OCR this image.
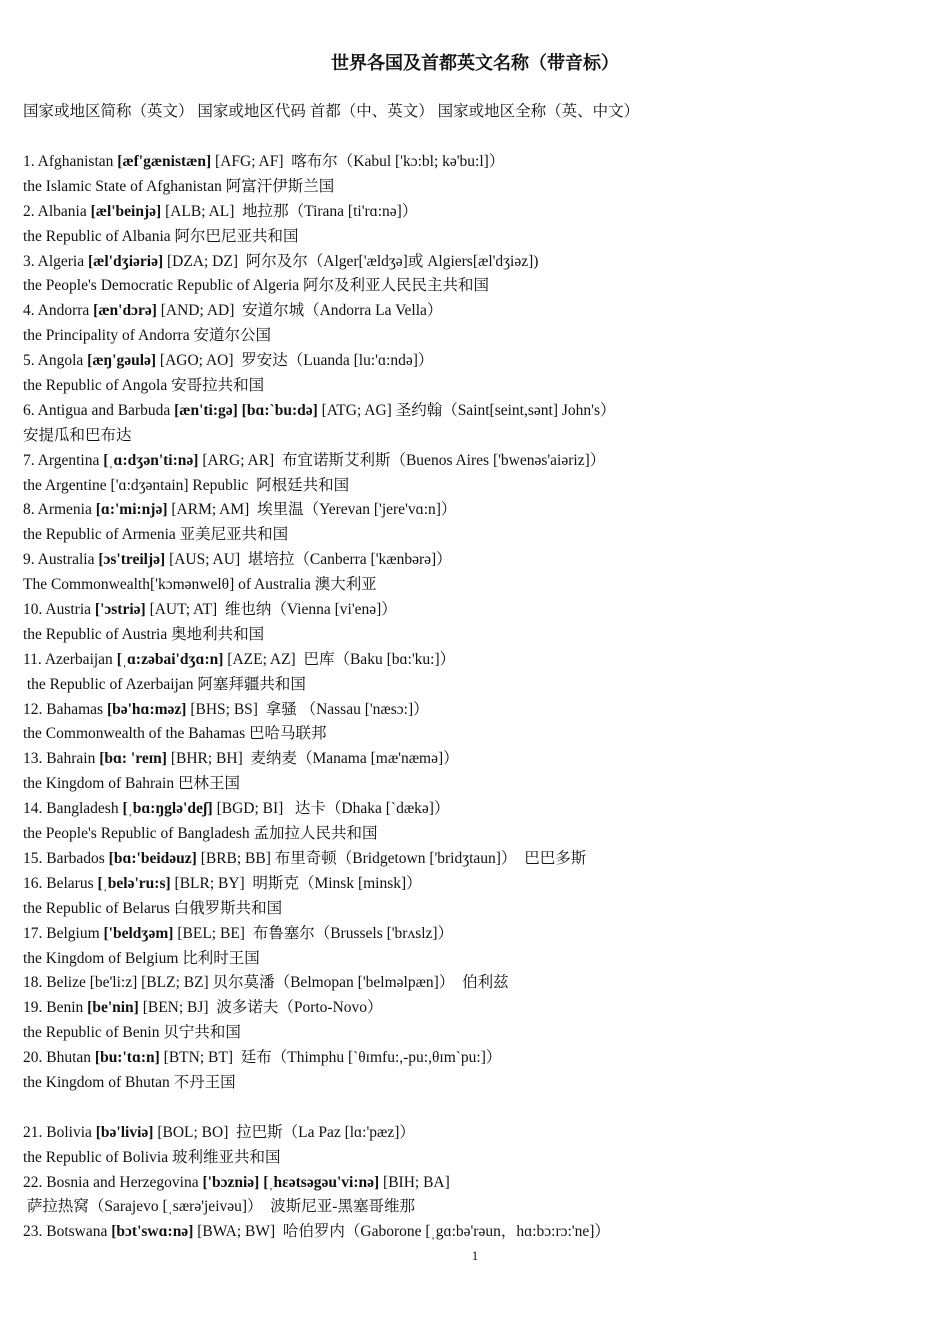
世界各国及首都英文名称（带音标）
国家或地区简称（英文） 国家或地区代码 首都（中、英文） 国家或地区全称（英、中文）
1. Afghanistan [æf'gænistæn] [AFG; AF]  喀布尔（Kabul ['kɔ:bl; kə'bu:l]）
the Islamic State of Afghanistan 阿富汗伊斯兰国
2. Albania [æl'beinjə] [ALB; AL]  地拉那（Tirana [ti'rɑ:nə]）
the Republic of Albania 阿尔巴尼亚共和国
3. Algeria [æl'dʒiəriə] [DZA; DZ]  阿尔及尔（Alger['ældʒə]或 Algiers[æl'dʒiəz])
the People's Democratic Republic of Algeria 阿尔及利亚人民民主共和国
4. Andorra [æn'dɔrə] [AND; AD]  安道尔城（Andorra La Vella）
the Principality of Andorra 安道尔公国
5. Angola [æŋ'gəulə] [AGO; AO]  罗安达（Luanda [lu:'ɑ:ndə]）
the Republic of Angola 安哥拉共和国
6. Antigua and Barbuda [æn'ti:gə] [bɑ:`bu:də] [ATG; AG] 圣约翰（Saint[seint,sənt] John's）
安提瓜和巴布达
7. Argentina [ˌɑ:dʒən'ti:nə] [ARG; AR]  布宜诺斯艾利斯（Buenos Aires ['bwenəs'aiəriz]）
the Argentine ['ɑ:dʒəntain] Republic  阿根廷共和国
8. Armenia [ɑ:'mi:njə] [ARM; AM]  埃里温（Yerevan ['jere'vɑ:n]）
the Republic of Armenia 亚美尼亚共和国
9. Australia [ɔs'treiljə] [AUS; AU]  堪培拉（Canberra ['kænbərə]）
The Commonwealth['kɔmənwelθ] of Australia 澳大利亚
10. Austria ['ɔstriə] [AUT; AT]  维也纳（Vienna [vi'enə]）
the Republic of Austria 奥地利共和国
11. Azerbaijan [ˌɑ:zəbai'dʒɑ:n] [AZE; AZ]  巴库（Baku [bɑ:'ku:]）
the Republic of Azerbaijan 阿塞拜疆共和国
12. Bahamas [bə'hɑ:məz] [BHS; BS]  拿骚 （Nassau ['næsɔ:]）
the Commonwealth of the Bahamas 巴哈马联邦
13. Bahrain [bɑ: 'reɪn] [BHR; BH]  麦纳麦（Manama [mæ'næmə]）
the Kingdom of Bahrain 巴林王国
14. Bangladesh [ˌbɑ:ŋglə'deʃ] [BGD; BI]   达卡（Dhaka [`dækə]）
the People's Republic of Bangladesh 孟加拉人民共和国
15. Barbados [bɑ:'beidəuz] [BRB; BB] 布里奇顿（Bridgetown ['bridʒtaun]）  巴巴多斯
16. Belarus [ˌbelə'ru:s] [BLR; BY]  明斯克（Minsk [minsk]）
the Republic of Belarus 白俄罗斯共和国
17. Belgium ['beldʒəm] [BEL; BE]  布鲁塞尔（Brussels ['brʌslz]）
the Kingdom of Belgium 比利时王国
18. Belize [be'li:z] [BLZ; BZ] 贝尔莫潘（Belmopan ['belməlpæn]）  伯利兹
19. Benin [be'nin] [BEN; BJ]  波多诺夫（Porto-Novo）
the Republic of Benin 贝宁共和国
20. Bhutan [bu:'tɑ:n] [BTN; BT]  廷布（Thimphu [`θɪmfu:,-pu:,θɪm`pu:]）
the Kingdom of Bhutan 不丹王国
21. Bolivia [bə'liviə] [BOL; BO]  拉巴斯（La Paz [lɑ:'pæz]）
the Republic of Bolivia 玻利维亚共和国
22. Bosnia and Herzegovina ['bɔzniə] [ˌhεətsəgəu'vi:nə] [BIH; BA]
萨拉热窝（Sarajevo [ˌsærə'jeivəu]）  波斯尼亚-黑塞哥维那
23. Botswana [bɔt'swɑ:nə] [BWA; BW]  哈伯罗内（Gaborone [ˌgɑ:bə'rəun，hɑ:bɔ:rɔ:'ne]）
1
